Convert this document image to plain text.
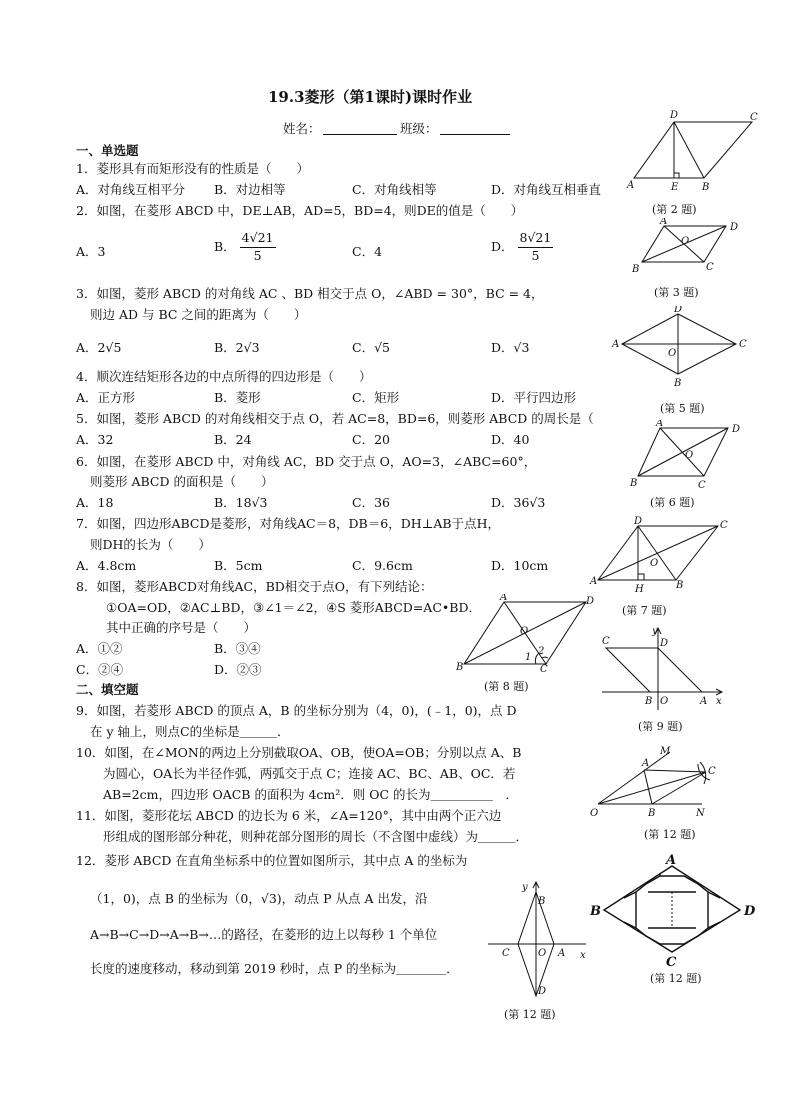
19.3菱形（第1课时)课时作业
姓名：	班级：
一、单选题
1．菱形具有而矩形没有的性质是（　　）
A．对角线互相平分 B．对边相等	C．对角线相等	D．对角线互相垂直
2．如图，在菱形 ABCD 中，DE⊥AB，AD=5，BD=4，则DE的值是（　　）
A．3	B． $\frac{4√21}{5}$	C．4	D． $\frac{8√21}{5}$
3．如图，菱形 ABCD 的对角线 AC 、BD 相交于点 O，∠ABD = 30°，BC = 4，
则边 AD 与 BC 之间的距离为（　　）
A．2√5	B．2√3	C．√5	D．√3
4．顺次连结矩形各边的中点所得的四边形是（　　）
A．正方形	B．菱形	C．矩形	D．平行四边形
5．如图，菱形 ABCD 的对角线相交于点 O，若 AC=8，BD=6，则菱形 ABCD 的周长是（
A．32	B．24	C．20	D．40
6．如图，在菱形 ABCD 中，对角线 AC，BD 交于点 O，AO=3，∠ABC=60°，
则菱形 ABCD 的面积是（　　）
A．18	B．18√3	C．36	D．36√3
7．如图，四边形ABCD是菱形，对角线AC＝8，DB＝6，DH⊥AB于点H，
则DH的长为（　　）
A．4.8cm	B．5cm	C．9.6cm	D．10cm
8．如图，菱形ABCD对角线AC，BD相交于点O，有下列结论：
①OA=OD，②AC⊥BD，③∠1＝∠2，④S 菱形ABCD=AC•BD．
其中正确的序号是（　　）
A．①②	B．③④
C．②④	D．②③
二、填空题
9．如图，若菱形 ABCD 的顶点 A，B 的坐标分别为（4，0)，(﹣1，0)，点 D
在 y 轴上，则点C的坐标是＿＿＿．
10．如图，在∠MON的两边上分别截取OA、OB，使OA=OB；分别以点 A、B
为圆心，OA长为半径作弧，两弧交于点 C；连接 AC、BC、AB、OC．若
AB=2cm，四边形 OACB 的面积为 4cm²．则 OC 的长为＿＿＿＿＿　．
11．如图，菱形花坛 ABCD 的边长为 6 米，∠A=120°，其中由两个正六边
形组成的图形部分种花，则种花部分图形的周长（不含图中虚线）为＿＿＿．
12．菱形 ABCD 在直角坐标系中的位置如图所示，其中点 A 的坐标为
（1，0)，点 B 的坐标为（0，√3)，动点 P 从点 A 出发，沿
A→B→C→D→A→B→…的路径，在菱形的边上以每秒 1 个单位
长度的速度移动，移动到第 2019 秒时，点 P 的坐标为＿＿＿＿．
D	C
A	E B
(第 2 题)
A
D
O
B	C
(第 3 题)
D
A
O
C
B
(第 5 题)
A
D
O
B	C
(第 6 题)
D	C
O
A
H	B
(第 7 题)
A	D
O
B
1
2
C
(第 8 题)
y
D
C
B O	A x
(第 9 题)
M
A
C
O	B	N
(第 12 题)
A
B	D
C
(第 12 题)
y
B
C	O A x
D
(第 12 题)
